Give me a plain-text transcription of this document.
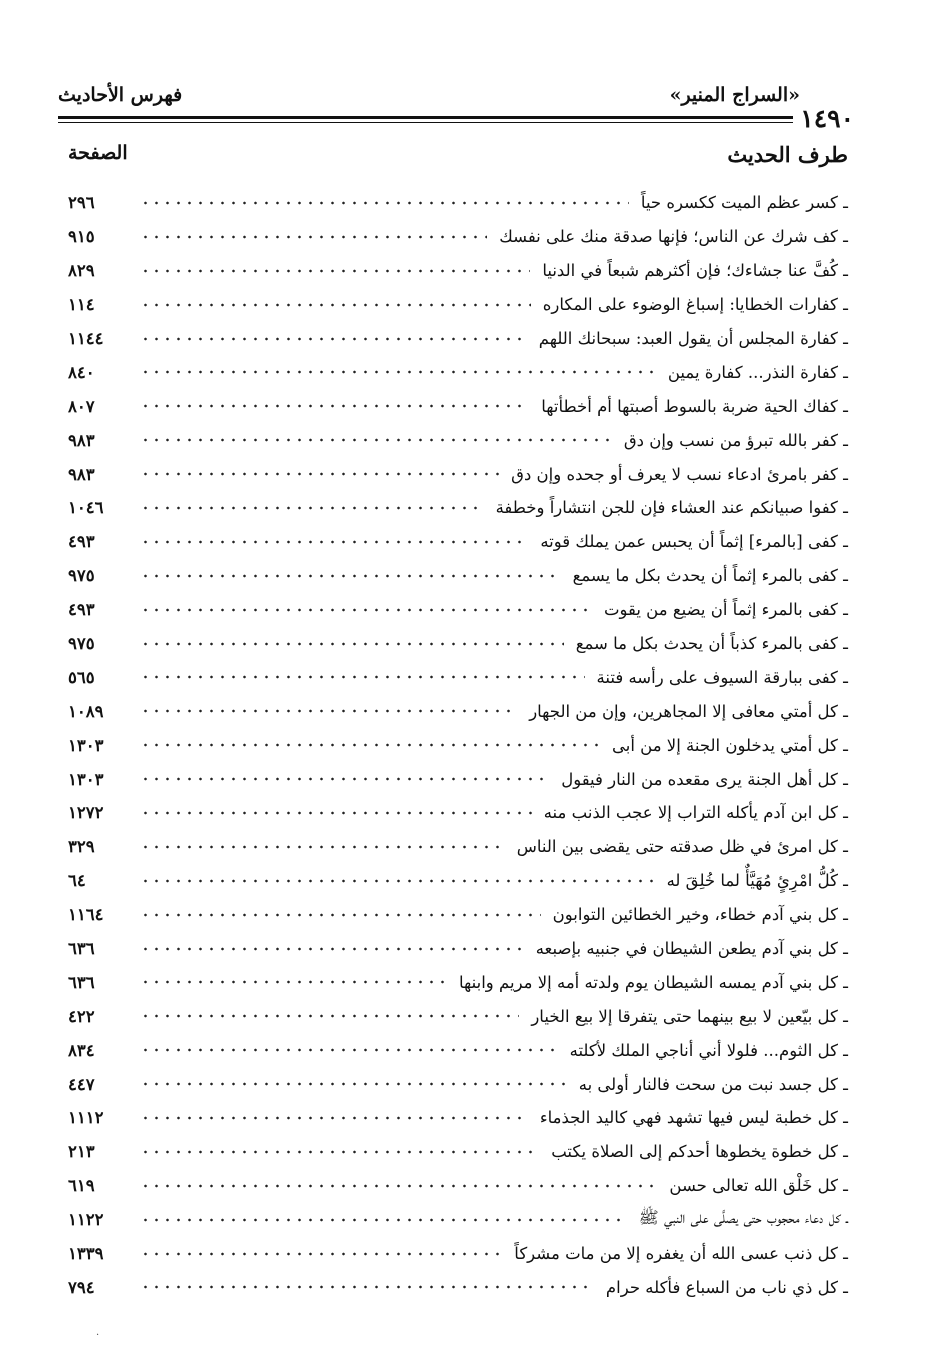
١٤٩٠
«السراج المنير»
فهرس الأحاديث
طرف الحديث
الصفحة
ـ كسر عظم الميت ككسره حياً
٢٩٦
ـ كف شرك عن الناس؛ فإنها صدقة منك على نفسك
٩١٥
ـ كُفَّ عنا جشاءك؛ فإن أكثرهم شبعاً في الدنيا
٨٢٩
ـ كفارات الخطايا: إسباغ الوضوء على المكاره
١١٤
ـ كفارة المجلس أن يقول العبد: سبحانك اللهم
١١٤٤
ـ كفارة النذر... كفارة يمين
٨٤٠
ـ كفاك الحية ضربة بالسوط أصبتها أم أخطأتها
٨٠٧
ـ كفر بالله تبرؤ من نسب وإن دق
٩٨٣
ـ كفر بامرئ ادعاء نسب لا يعرف أو جحده وإن دق
٩٨٣
ـ كفوا صبيانكم عند العشاء فإن للجن انتشاراً وخطفة
١٠٤٦
ـ كفى [بالمرء] إثماً أن يحبس عمن يملك قوته
٤٩٣
ـ كفى بالمرء إثماً أن يحدث بكل ما يسمع
٩٧٥
ـ كفى بالمرء إثماً أن يضيع من يقوت
٤٩٣
ـ كفى بالمرء كذباً أن يحدث بكل ما سمع
٩٧٥
ـ كفى ببارقة السيوف على رأسه فتنة
٥٦٥
ـ كل أمتي معافى إلا المجاهرين، وإن من الجهار
١٠٨٩
ـ كل أمتي يدخلون الجنة إلا من أبى
١٣٠٣
ـ كل أهل الجنة يرى مقعده من النار فيقول
١٣٠٣
ـ كل ابن آدم يأكله التراب إلا عجب الذنب منه
١٢٧٢
ـ كل امرئ في ظل صدقته حتى يقضى بين الناس
٣٢٩
ـ كُلُّ امْرِئٍ مُهَيَّأٌ لما خُلِقَ له
٦٤
ـ كل بني آدم خطاء، وخير الخطائين التوابون
١١٦٤
ـ كل بني آدم يطعن الشيطان في جنبيه بإصبعه
٦٣٦
ـ كل بني آدم يمسه الشيطان يوم ولدته أمه إلا مريم وابنها
٦٣٦
ـ كل بيّعين لا بيع بينهما حتى يتفرقا إلا بيع الخيار
٤٢٢
ـ كل الثوم... فلولا أني أناجي الملك لأكلته
٨٣٤
ـ كل جسد نبت من سحت فالنار أولى به
٤٤٧
ـ كل خطبة ليس فيها تشهد فهي كاليد الجذماء
١١١٢
ـ كل خطوة يخطوها أحدكم إلى الصلاة يكتب
٢١٣
ـ كل خَلْق الله تعالى حسن
٦١٩
ـ كل دعاء محجوب حتى يصلَّى على النبي ﷺ
١١٢٢
ـ كل ذنب عسى الله أن يغفره إلا من مات مشركاً
١٣٣٩
ـ كل ذي ناب من السباع فأكله حرام
٧٩٤
·
